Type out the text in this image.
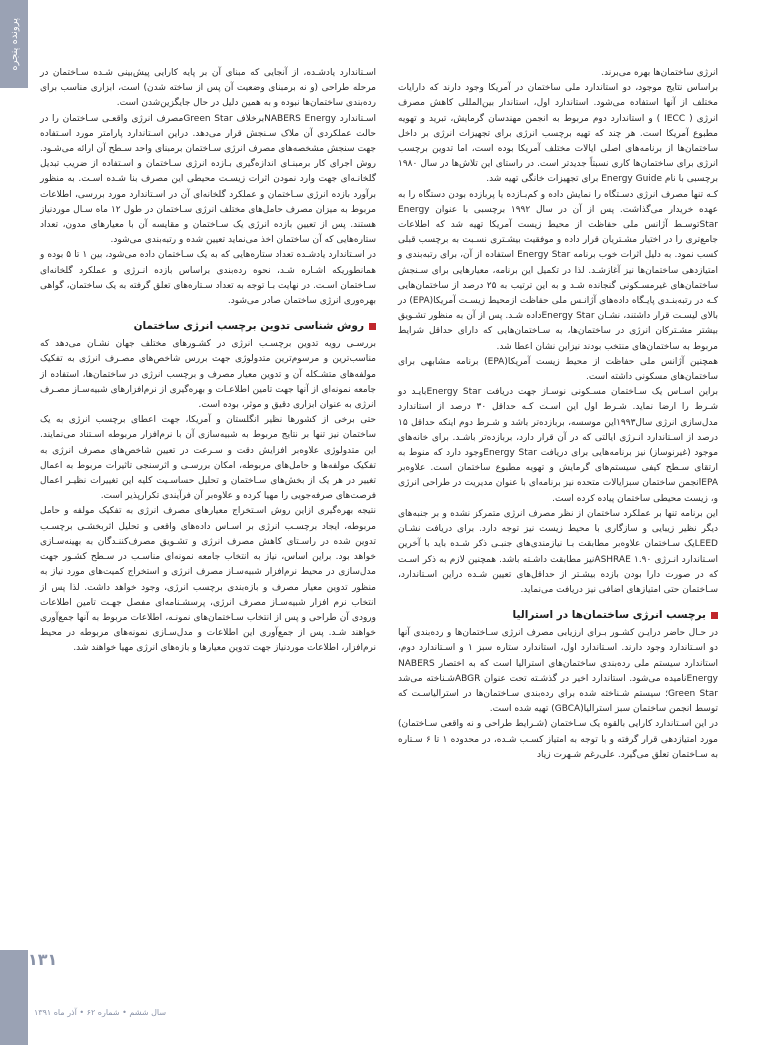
پرونده پنجره
۱۳۱
سال ششم • شماره ۶۲ • آذر ماه ۱۳۹۱

انرژی ساختمان‌ها بهره می‌برند.

براساس نتایج موجود، دو استاندارد ملی ساختمان در آمریکا وجود دارند که دارایات مختلف از آنها استفاده می‌شود. استاندارد اول، استاندار بین‌المللی کاهش مصرف انرژی ( IECC ) و استاندارد دوم مربوط به انجمن مهندسان گرمایش، تبرید و تهویه مطبوع آمریکا است. هر چند که تهیه برچسب انرژی برای تجهیزات انرژی بر داخل ساختمان‌ها از برنامه‌های اصلی ایالات مختلف آمریکا بوده است، اما تدوین برچسب انرژی برای ساختمان‌ها کاری نسبتاً جدیدتر است. در راستای این تلاش‌ها در سال ۱۹۸۰ برچسبی با نام Energy Guide برای تجهیزات خانگی تهیه شد.

کـه تنها مصرف انرژی دسـتگاه را نمایش داده و کم‌بـازده یا پربازده بودن دستگاه را به عهده خریدار می‌گذاشت. پس از آن در سال ۱۹۹۲ برچسبی با عنوان Energy Starتوسـط آژانس ملی حفاظت از محیط زیست آمریکا تهیه شد که اطلاعات جامع‌تری را در اختیار مشـتریان قرار داده و موفقیت بیشـتری نسـبت به برچسب قبلی کسب نمود. به دلیل اثرات خوب برنامه Energy Star استفاده از آن، برای رتبه‌بندی و امتیازدهی ساختمان‌ها نیز آغازشـد. لذا در تکمیل این برنامه، معیارهایی برای سـنجش ساختمان‌های غیرمسـکونی گنجانده شـد و به این ترتیب به ۲۵ درصد از ساختمان‌هایی کـه در رتبه‌بنـدی پایـگاه داده‌های آژانـس ملی حفاظت ازمحیط زیسـت آمریکا(EPA) در بالای لیسـت قرار داشتند، نشـان Energy Starداده شـد. پس از آن به منظور تشـویق بیشتر مشـترکان انرژی در ساختمان‌ها، به سـاختمان‌هایی که دارای حداقل شرایط مربوط به ساختمان‌های منتخب بودند نیزاین نشان اعطا شد.

همچنین آژانس ملی حفاظت از محیط زیست آمریکا(EPA) برنامه مشابهی برای ساختمان‌های مسکونی داشته است.

براین اسـاس یک سـاختمان مسـکونی نوسـاز جهت دریافت Energy Starبایـد دو شـرط را ارضا نماید. شـرط اول این اسـت کـه حداقل ۳۰ درصد از استاندارد مدل‌سازی انرژی سال۱۹۹۳این موسسه، بربازده‌تر باشد و شـرط دوم اینکه حداقل ۱۵ درصد از اسـتاندارد انـرژی ایالتی که در آن قرار دارد، بربازده‌تر باشـد. برای خانه‌های موجود (غیرنوساز) نیز برنامه‌هایی برای دریافت Energy Starوجود دارد که منوط به ارتقای سـطح کیفی سیستم‌های گرمایش و تهویه مطبوع ساختمان است. علاوه‌بر EPAانجمن ساختمان سبزایالات متحده نیز برنامه‌ای با عنوان مدیریت در طراحی انرژی و، زیست محیطی ساختمان پیاده کرده است.

این برنامه تنها بر عملکرد ساختمان از نظر مصرف انرژی متمرکز نشده و بر جنبه‌های دیگر نظیر زیبایی و سازگاری با محیط زیست نیز توجه دارد. برای دریافت نشـان LEEDیک سـاختمان علاوه‌بر مطابقت بـا نیازمندی‌های جنبـی ذکر شـده باید با آخرین اسـتاندارد انـرژی ۱.۹۰ ASHRAEنیز مطابقت داشـته باشد. همچنین لازم به ذکر اسـت که در صورت دارا بودن بازده بیشـتر از حداقل‌های تعیین شـده دراین اسـتاندارد، سـاختمان حتی امتیازهای اضافی نیز دریافت می‌نماید.

برچسب انرژی ساختمان‌ها در استرالیا

در حـال حاضر درایـن کشـور بـرای ارزیابی مصرف انرژی سـاختمان‌ها و رده‌بندی آنها دو اسـتاندارد وجود دارند. اسـتاندارد اول، استاندارد ستاره سبز ۱ و اسـتاندارد دوم، استاندارد سیستم ملی رده‌بندی ساختمان‌های استرالیا است که به اختصار NABERS Energyنامیده می‌شود. استاندارد اخیر در گذشـته تحت عنوان ABGRشـناخته می‌شد Green Star؛ سیستم شـناخته شده برای رده‌بندی سـاختمان‌ها در استرالیاسـت که توسط انجمن ساختمان سبز استرالیا(GBCA) تهیه شده است.

در این اسـتاندارد کارایی بالقوه یک سـاختمان (شـرایط طراحی و نه واقعی سـاختمان) مورد امتیازدهی قرار گرفته و با توجه به امتیاز کسـب شـده، در محدوده ۱ تا ۶ سـتاره به سـاختمان تعلق می‌گیرد. علی‌رغم شـهرت زیاد

اسـتاندارد یادشـده، از آنجایی که مبنای آن بر پایه کارایی پیش‌بینی شـده سـاختمان در مرحله طراحی (و نه برمبنای وضعیت آن پس از ساخته شدن) است، ابزاری مناسب برای رده‌بندی ساختمان‌ها نبوده و به همین دلیل در حال جایگزین‌شدن است.

اسـتاندارد NABERS Energyبرخلاف Green Starمصرف انرژی واقعـی سـاختمان را در حالت عملکردی آن ملاک سـنجش قرار می‌دهد. دراین اسـتاندارد پارامتر مورد اسـتفاده جهت سنجش مشخصه‌های مصرف انرژی سـاختمان برمبنای واحد سـطح آن ارائه می‌شـود. روش اجرای کار برمبنـای اندازه‌گیری بـازده انرژی سـاختمان و اسـتفاده از ضریب تبدیل گلخانـه‌ای جهت وارد نمودن اثرات زیسـت محیطی این مصرف بنا شـده اسـت. به منظور برآورد بازده انرژی سـاختمان و عملکرد گلخانه‌ای آن در اسـتاندارد مورد بررسی، اطلاعات مربوط به میزان مصرف حامل‌های مختلف انرژی سـاختمان در طول ۱۲ ماه سـال موردنیاز هستند. پس از تعیین بازده انرژی یک سـاختمان و مقایسه آن با معیارهای مدون، تعداد ستاره‌هایی که آن ساختمان اخذ می‌نماید تعیین شده و رتبه‌بندی می‌شود.

در اسـتاندارد یادشـده تعداد ستاره‌هایی که به یک سـاختمان داده می‌شود، بین ۱ تا ۵ بوده و همانطوریکه اشـاره شـد، نحوه رده‌بندی براساس بازده انـرژی و عملکرد گلخانه‌ای سـاختمان اسـت. در نهایت بـا توجه به تعداد سـتاره‌های تعلق گرفته به یک ساختمان، گواهی بهره‌وری انرژی ساختمان صادر می‌شود.

روش شناسی تدوین برچسب انرژی ساختمان

بررسـی رویه تدوین برچسـب انرژی در کشـورهای مختلف جهان نشـان می‌دهد که مناسب‌ترین و مرسوم‌ترین متدولوژی جهت بررس شاخص‌های مصـرف انرژی به تفکیک مولفه‌های متشـکله آن و تدوین معیار مصرف و برچسب انرژی در ساختمان‌ها، استفاده از جامعه نمونه‌ای از آنها جهت تامین اطلاعـات و بهره‌گیری از نرم‌افزارهای شبیه‌سـاز مصـرف انرژی به عنوان ابزاری دقیق و موثر، بوده است.

حتی برخی از کشورها نظیر انگلستان و آمریکا، جهت اعطای برچسب انرژی به یک ساختمان نیز تنها بر نتایج مربوط به شبیه‌سازی آن با نرم‌افزار مربوطه اسـتناد می‌نمایند. این متدولوژی علاوه‌بر افزایش دقت و سـرعت در تعیین شاخص‌های مصرف انرژی به تفکیک مولفه‌ها و حامل‌های مربوطه، امکان بررسـی و اثرسنجی تاثیرات مربوط به اعمال تغییر در هر یک از بخش‌های سـاختمان و تحلیل حساسـیت کلیه این تغییرات نظیـر اعمال فرصت‌های صرفه‌جویی را مهیا کرده و علاوه‌بر آن فرآیندی تکرارپذیر است.

نتیجه بهره‌گیری ازاین روش اسـتخراج معیارهای مصرف انرژی به تفکیک مولفه و حامل مربوطه، ایجاد برچسـب انرژی بر اسـاس داده‌های واقعی و تحلیل اثربخشـی برچسـب تدوین شده در راسـتای کاهش مصرف انرژی و تشـویق مصرف‌کننـدگان به بهینه‌سـازی خواهد بود. براین اساس، نیاز به انتخاب جامعه نمونه‌ای مناسـب در سـطح کشـور جهت مدل‌سازی در محیط نرم‌افزار شبیه‌سـاز مصرف انرژی و استخراج کمیت‌های مورد نیاز به منظور تدوین معیار مصرف و بازه‌بندی برچسب انرژی، وجود خواهد داشت. لذا پس از انتخاب نرم افزار شبیه‌سـاز مصرف انرژی، پرسشـنامه‌ای مفصل جهـت تامین اطلاعات ورودی آن طراحی و پس از انتخاب سـاختمان‌های نمونـه، اطلاعات مربوط به آنها جمع‌آوری خواهند شـد. پس از جمع‌آوری این اطلاعات و مدل‌سـازی نمونه‌های مربوطه در محیط نرم‌افزار، اطلاعات موردنیاز جهت تدوین معیارها و بازه‌های انرژی مهیا خواهند شد.
